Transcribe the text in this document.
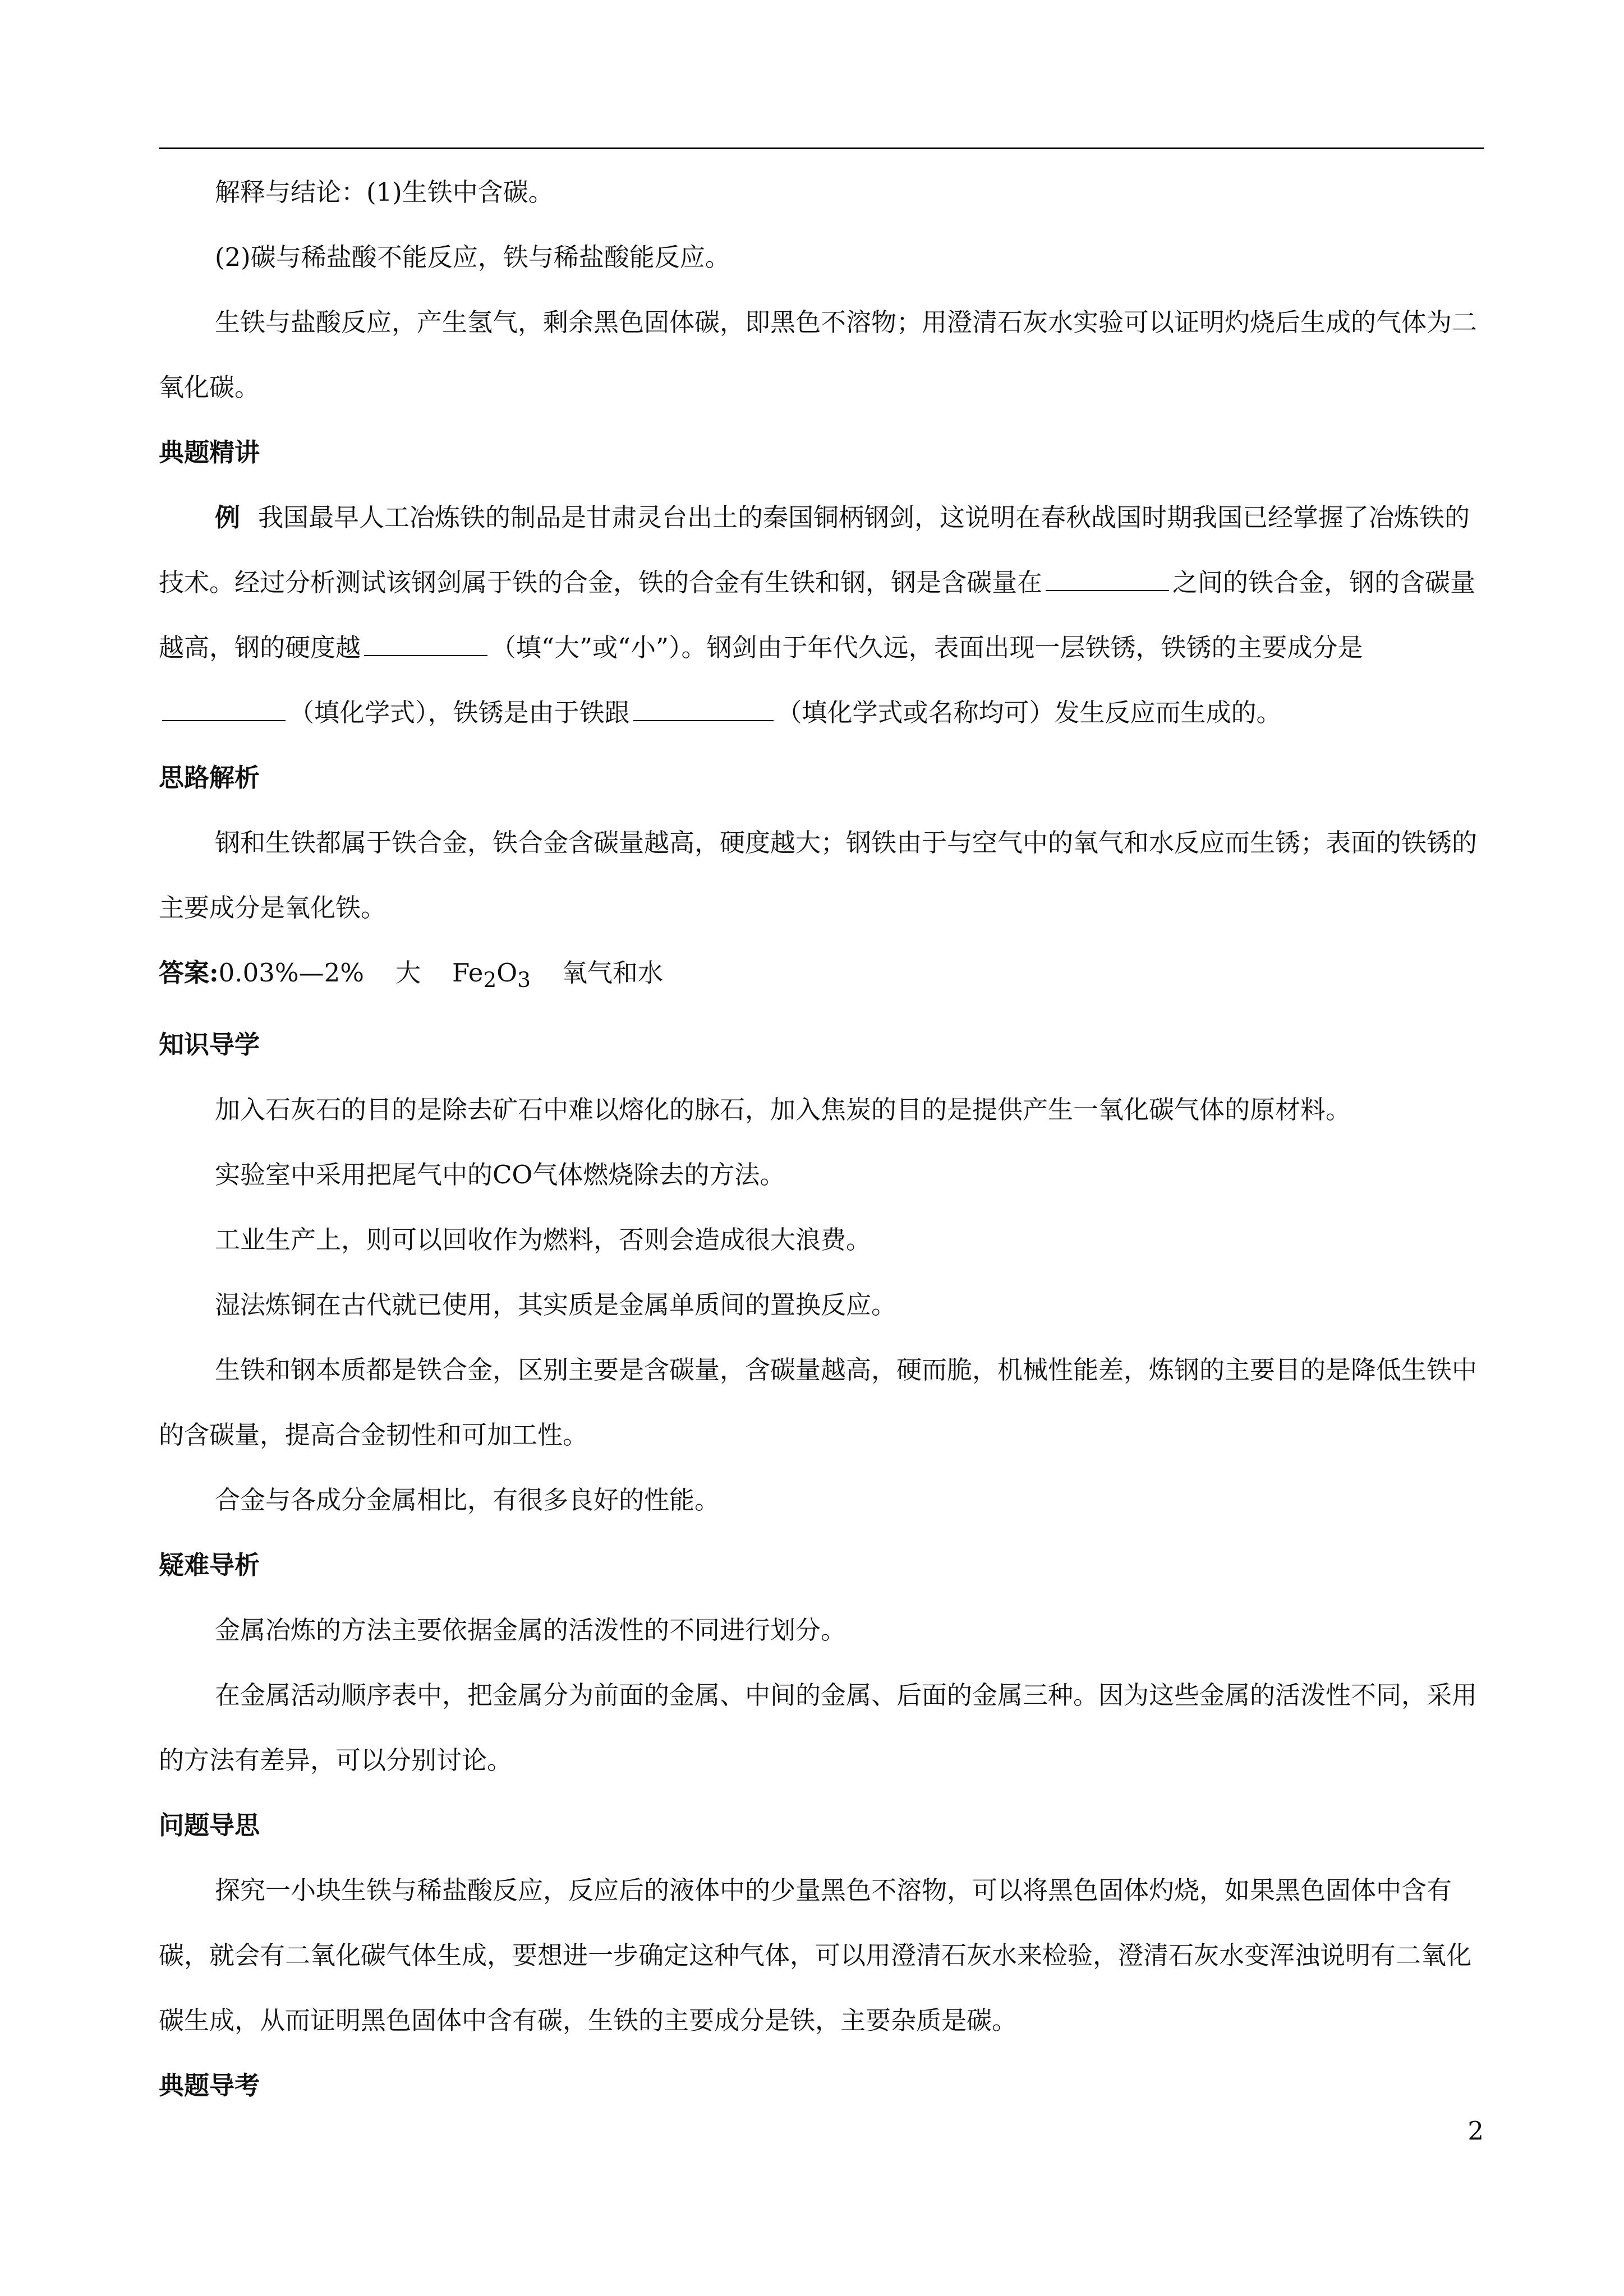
解释与结论：(1)生铁中含碳。

(2)碳与稀盐酸不能反应，铁与稀盐酸能反应。

生铁与盐酸反应，产生氢气，剩余黑色固体碳，即黑色不溶物；用澄清石灰水实验可以证明灼烧后生成的气体为二氧化碳。

典题精讲

例 我国最早人工冶炼铁的制品是甘肃灵台出土的秦国铜柄钢剑，这说明在春秋战国时期我国已经掌握了冶炼铁的技术。经过分析测试该钢剑属于铁的合金，铁的合金有生铁和钢，钢是含碳量在	之间的铁合金，钢的含碳量越高，钢的硬度越	（填“大”或“小”）。钢剑由于年代久远，表面出现一层铁锈，铁锈的主要成分是（填化学式），铁锈是由于铁跟	（填化学式或名称均可）发生反应而生成的。

思路解析

钢和生铁都属于铁合金，铁合金含碳量越高，硬度越大；钢铁由于与空气中的氧气和水反应而生锈；表面的铁锈的主要成分是氧化铁。

答案:0.03%—2% 大 $Fe_2O_3$ 氧气和水

知识导学

加入石灰石的目的是除去矿石中难以熔化的脉石，加入焦炭的目的是提供产生一氧化碳气体的原材料。

实验室中采用把尾气中的CO气体燃烧除去的方法。

工业生产上，则可以回收作为燃料，否则会造成很大浪费。

湿法炼铜在古代就已使用，其实质是金属单质间的置换反应。

生铁和钢本质都是铁合金，区别主要是含碳量，含碳量越高，硬而脆，机械性能差，炼钢的主要目的是降低生铁中的含碳量，提高合金韧性和可加工性。

合金与各成分金属相比，有很多良好的性能。

疑难导析

金属冶炼的方法主要依据金属的活泼性的不同进行划分。

在金属活动顺序表中，把金属分为前面的金属、中间的金属、后面的金属三种。因为这些金属的活泼性不同，采用的方法有差异，可以分别讨论。

问题导思

探究一小块生铁与稀盐酸反应，反应后的液体中的少量黑色不溶物，可以将黑色固体灼烧，如果黑色固体中含有碳，就会有二氧化碳气体生成，要想进一步确定这种气体，可以用澄清石灰水来检验，澄清石灰水变浑浊说明有二氧化碳生成，从而证明黑色固体中含有碳，生铁的主要成分是铁，主要杂质是碳。

典题导考

2
